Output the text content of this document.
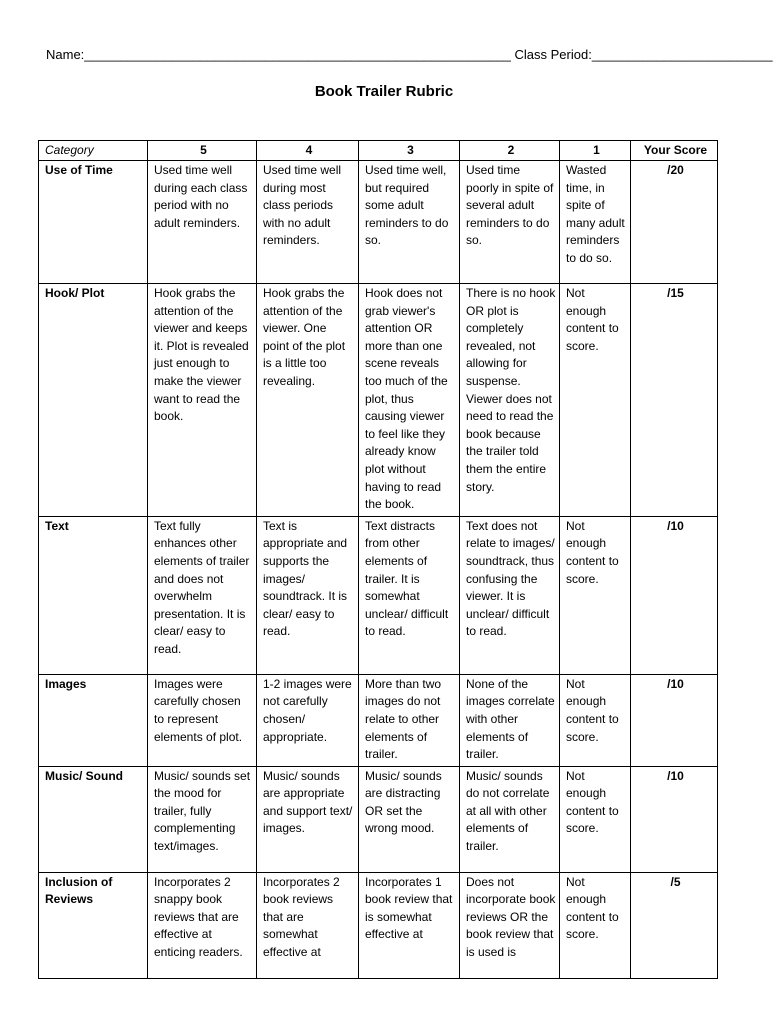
Name:___________________________________________________________ Class Period:_________________________
Book Trailer Rubric
Category	5	4	3	2	1	Your Score
Use of Time	Used time well during each class period with no adult reminders.	Used time well during most class periods with no adult reminders.	Used time well, but required some adult reminders to do so.	Used time poorly in spite of several adult reminders to do so.	Wasted time, in spite of many adult reminders to do so.	/20
Hook/ Plot	Hook grabs the attention of the viewer and keeps it. Plot is revealed just enough to make the viewer want to read the book.	Hook grabs the attention of the viewer. One point of the plot is a little too revealing.	Hook does not grab viewer's attention OR more than one scene reveals too much of the plot, thus causing viewer to feel like they already know plot without having to read the book.	There is no hook OR plot is completely revealed, not allowing for suspense. Viewer does not need to read the book because the trailer told them the entire story.	Not enough content to score.	/15
Text	Text fully enhances other elements of trailer and does not overwhelm presentation. It is clear/ easy to read.	Text is appropriate and supports the images/ soundtrack. It is clear/ easy to read.	Text distracts from other elements of trailer. It is somewhat unclear/ difficult to read.	Text does not relate to images/ soundtrack, thus confusing the viewer. It is unclear/ difficult to read.	Not enough content to score.	/10
Images	Images were carefully chosen to represent elements of plot.	1-2 images were not carefully chosen/ appropriate.	More than two images do not relate to other elements of trailer.	None of the images correlate with other elements of trailer.	Not enough content to score.	/10
Music/ Sound	Music/ sounds set the mood for trailer, fully complementing text/images.	Music/ sounds are appropriate and support text/ images.	Music/ sounds are distracting OR set the wrong mood.	Music/ sounds do not correlate at all with other elements of trailer.	Not enough content to score.	/10
Inclusion of Reviews	Incorporates 2 snappy book reviews that are effective at enticing readers.	Incorporates 2 book reviews that are somewhat effective at	Incorporates 1 book review that is somewhat effective at	Does not incorporate book reviews OR the book review that is used is	Not enough content to score.	/5
